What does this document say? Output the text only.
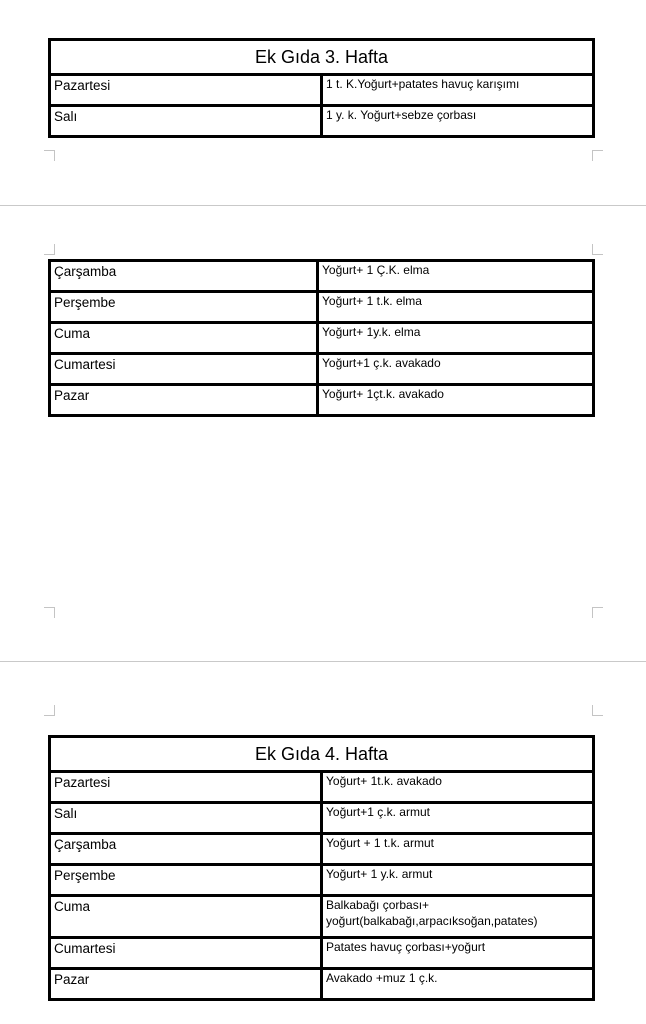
Ek Gıda 3. Hafta	
Pazartesi	1 t. K.Yoğurt+patates havuç karışımı
Salı	1 y. k. Yoğurt+sebze çorbası
Çarşamba	Yoğurt+ 1 Ç.K. elma
Perşembe	Yoğurt+ 1 t.k. elma
Cuma	Yoğurt+ 1y.k. elma
Cumartesi	Yoğurt+1 ç.k. avakado
Pazar	Yoğurt+ 1çt.k. avakado
Ek Gıda 4. Hafta	
Pazartesi	Yoğurt+ 1t.k. avakado
Salı	Yoğurt+1 ç.k. armut
Çarşamba	Yoğurt + 1 t.k. armut
Perşembe	Yoğurt+ 1 y.k. armut
Cuma	Balkabağı çorbası+ yoğurt(balkabağı,arpacıksoğan,patates)
Cumartesi	Patates havuç çorbası+yoğurt
Pazar	Avakado +muz 1 ç.k.
